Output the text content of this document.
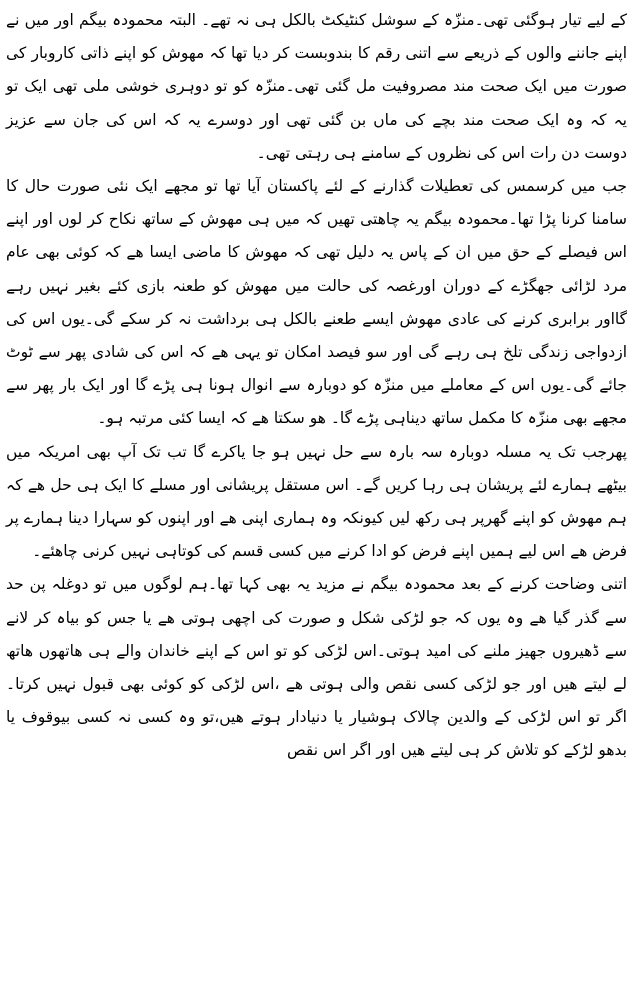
کے لیے تیار ہوگئی تھی۔منزّہ کے سوشل کنٹیکٹ بالکل ہی نہ تھے۔ البتہ محمودہ بیگم اور میں نے اپنے جاننے والوں کے ذریعے سے اتنی رقم کا بندوبست کر دیا تھا کہ مھوش کو اپنے ذاتی کاروبار کی صورت میں ایک صحت مند مصروفیت مل گئی تھی۔منزّہ کو تو دوہری خوشی ملی تھی ایک تو یہ کہ وہ ایک صحت مند بچے کی ماں بن گئی تھی اور دوسرے یہ کہ اس کی جان سے عزیز دوست دن رات اس کی نظروں کے سامنے ہی رہتی تھی۔

جب میں کرسمس کی تعطیلات گذارنے کے لئے پاکستان آیا تھا تو مجھے ایک نئی صورت حال کا سامنا کرنا پڑا تھا۔محمودہ بیگم یہ چاھتی تھیں کہ میں ہی مھوش کے ساتھ نکاح کر لوں اور اپنے اس فیصلے کے حق میں ان کے پاس یہ دلیل تھی کہ مھوش کا ماضی ایسا ھے کہ کوئی بھی عام مرد لڑائی جھگڑے کے دوران اورغصہ کی حالت میں مھوش کو طعنہ بازی کئے بغیر نہیں رہے گااور برابری کرنے کی عادی مھوش ایسے طعنے بالکل ہی برداشت نہ کر سکے گی۔یوں اس کی ازدواجی زندگی تلخ ہی رہے گی اور سو فیصد امکان تو یہی ھے کہ اس کی شادی پھر سے ٹوٹ جائے گی۔یوں اس کے معاملے میں منزّہ کو دوبارہ سے انوال ہونا ہی پڑے گا اور ایک بار پھر سے مجھے بھی منزّہ کا مکمل ساتھ دیناہی پڑے گا۔ ھو سکتا ھے کہ ایسا کئی مرتبہ ہو۔

پھرجب تک یہ مسلہ دوبارہ سہ بارہ سے حل نہیں ہو جا یاکرے گا تب تک آپ بھی امریکہ میں بیٹھے ہمارے لئے پریشان ہی رہا کریں گے۔ اس مستقل پریشانی اور مسلے کا ایک ہی حل ھے کہ ہم مھوش کو اپنے گھرپر ہی رکھ لیں کیونکہ وہ ہماری اپنی ھے اور اپنوں کو سہارا دینا ہمارے پر فرض ھے اس لیے ہمیں اپنے فرض کو ادا کرنے میں کسی قسم کی کوتاہی نہیں کرنی چاھئے۔

اتنی وضاحت کرنے کے بعد محمودہ بیگم نے مزید یہ بھی کہا تھا۔ہم لوگوں میں تو دوغلہ پن حد سے گذر گیا ھے وہ یوں کہ جو لڑکی شکل و صورت کی اچھی ہوتی ھے یا جس کو بیاہ کر لانے سے ڈھیروں جھیز ملنے کی امید ہوتی۔اس لڑکی کو تو اس کے اپنے خاندان والے ہی ھاتھوں ھاتھ لے لیتے ھیں اور جو لڑکی کسی نقص والی ہوتی ھے ،اس لڑکی کو کوئی بھی قبول نہیں کرتا۔ اگر تو اس لڑکی کے والدین چالاک ہوشیار یا دنیادار ہوتے ھیں،تو وہ کسی نہ کسی بیوقوف یا بدھو لڑکے کو تلاش کر ہی لیتے ھیں اور اگر اس نقص
